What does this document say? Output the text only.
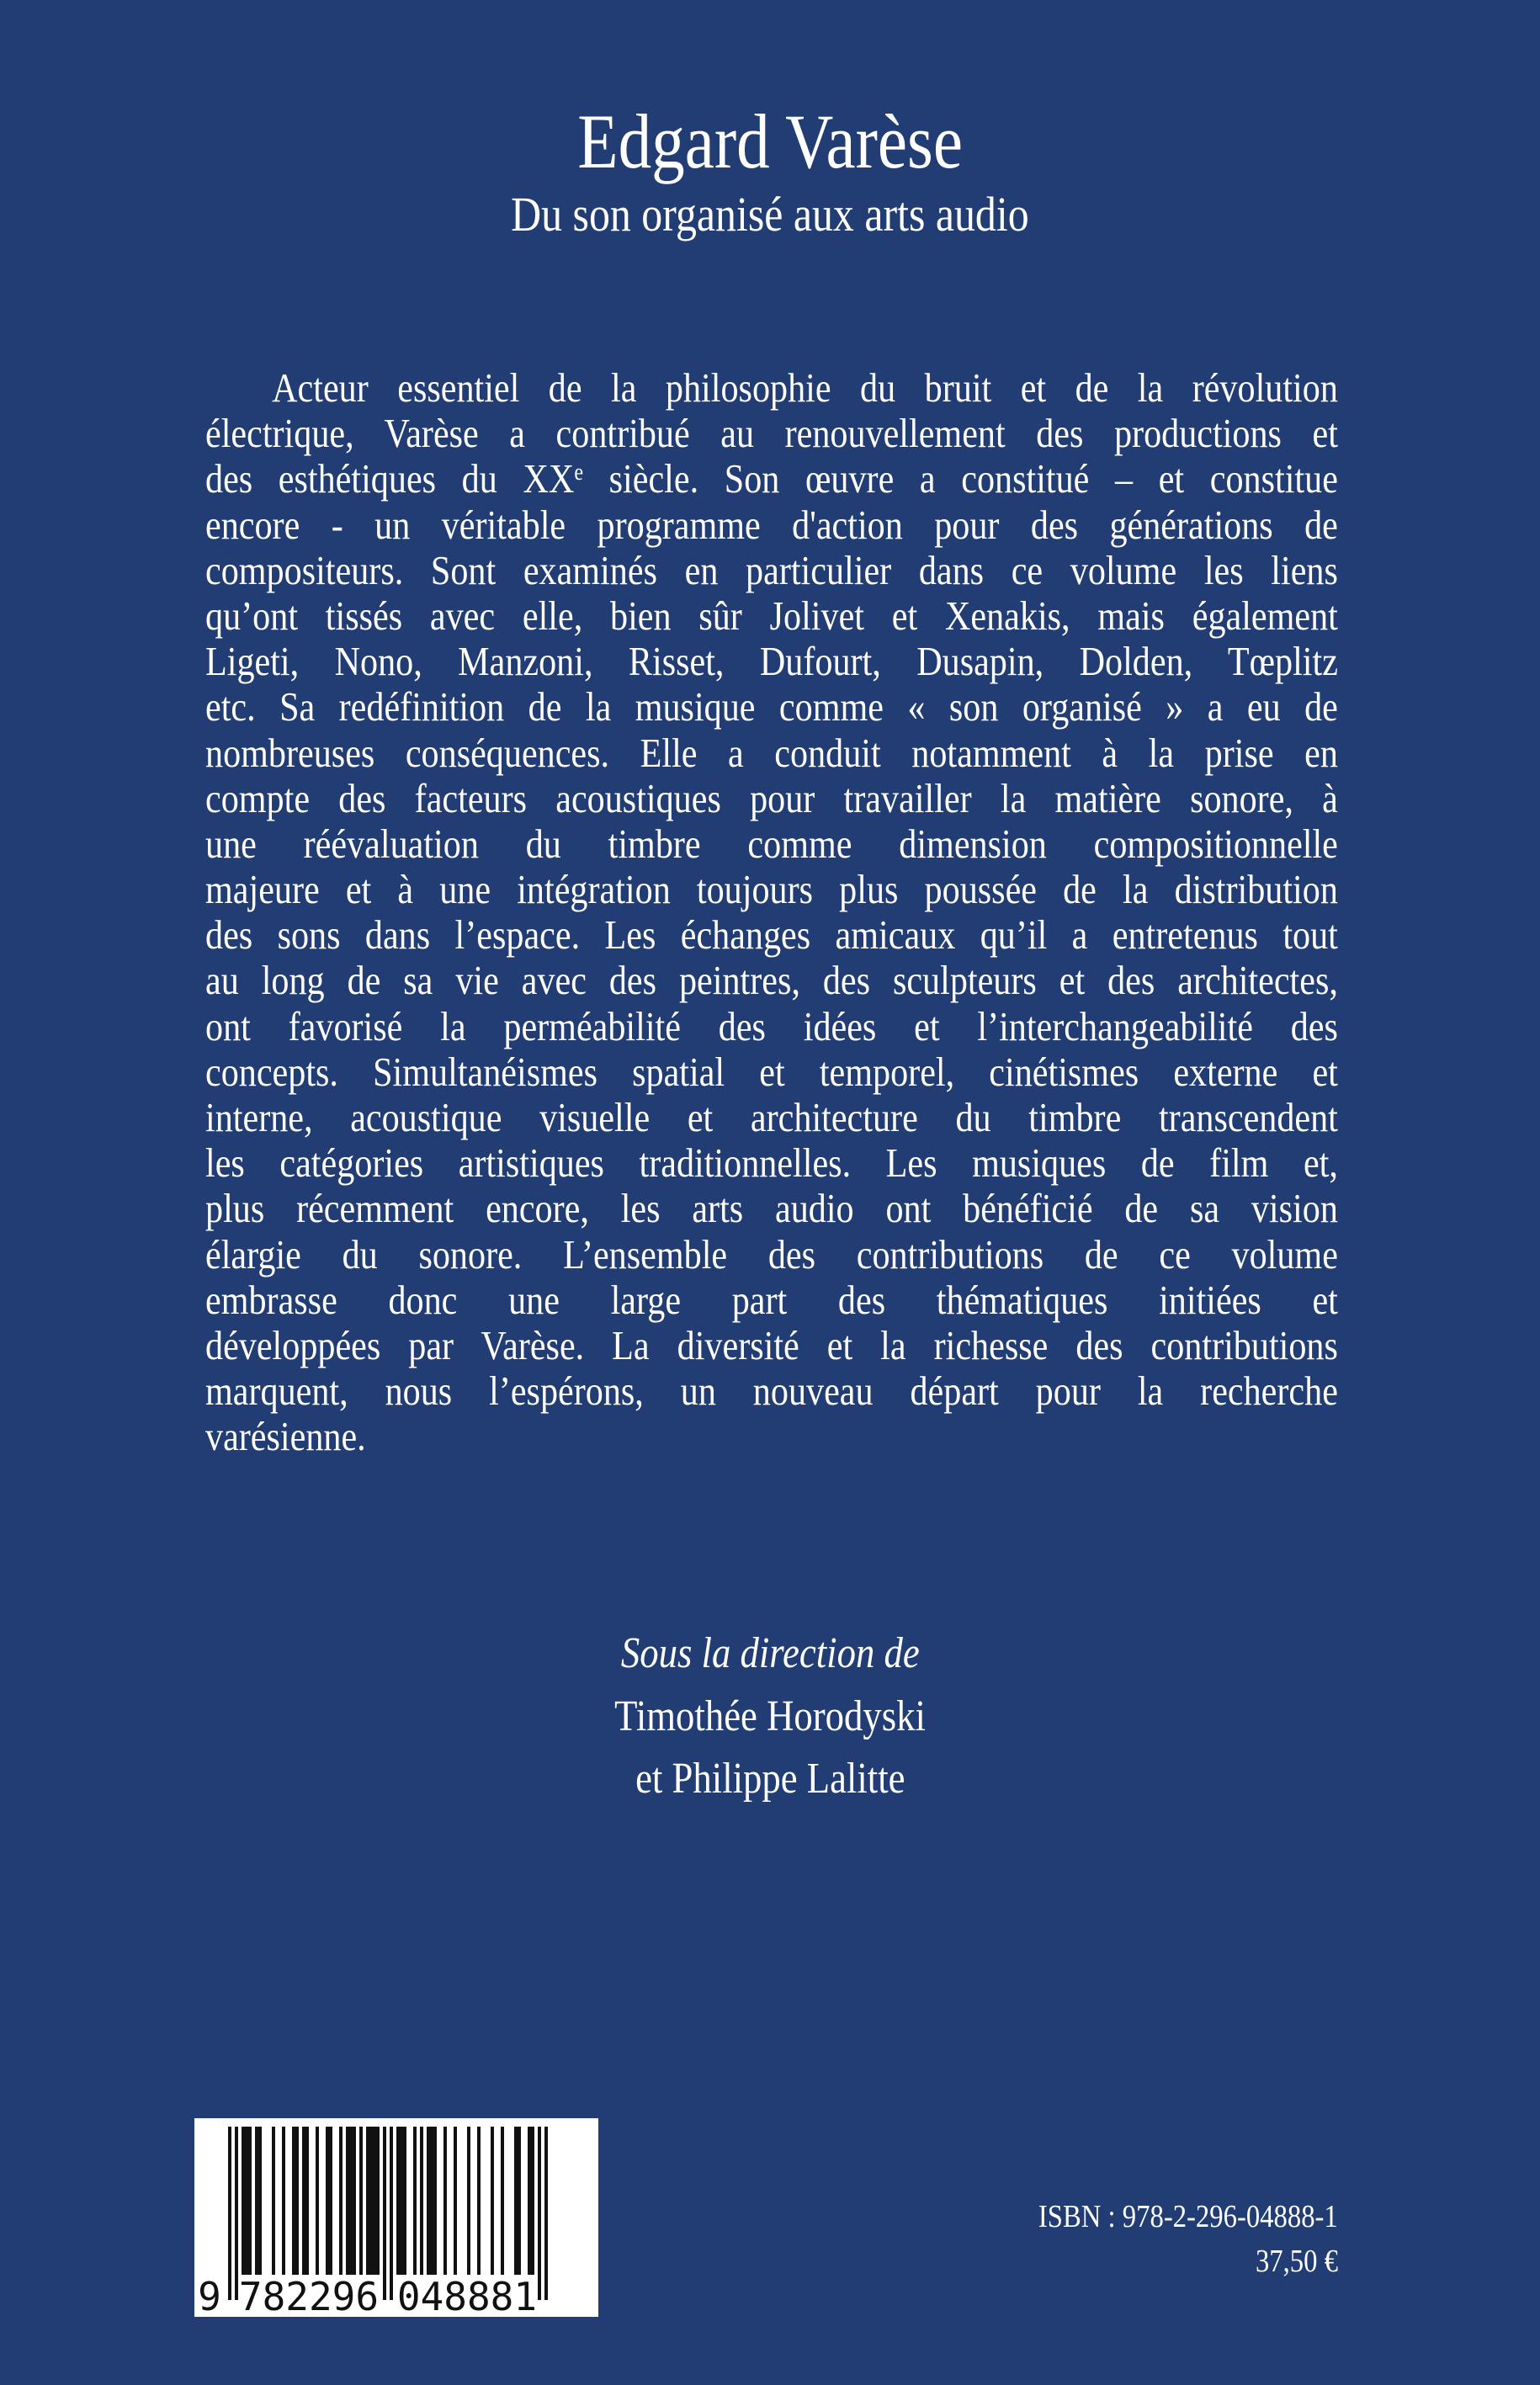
Edgard Varèse
Du son organisé aux arts audio
Acteur essentiel de la philosophie du bruit et de la révolution
électrique, Varèse a contribué au renouvellement des productions et
des esthétiques du XXe siècle. Son œuvre a constitué – et constitue
encore - un véritable programme d'action pour des générations de
compositeurs. Sont examinés en particulier dans ce volume les liens
qu’ont tissés avec elle, bien sûr Jolivet et Xenakis, mais également
Ligeti, Nono, Manzoni, Risset, Dufourt, Dusapin, Dolden, Tœplitz
etc. Sa redéfinition de la musique comme « son organisé » a eu de
nombreuses conséquences. Elle a conduit notamment à la prise en
compte des facteurs acoustiques pour travailler la matière sonore, à
une réévaluation du timbre comme dimension compositionnelle
majeure et à une intégration toujours plus poussée de la distribution
des sons dans l’espace. Les échanges amicaux qu’il a entretenus tout
au long de sa vie avec des peintres, des sculpteurs et des architectes,
ont favorisé la perméabilité des idées et l’interchangeabilité des
concepts. Simultanéismes spatial et temporel, cinétismes externe et
interne, acoustique visuelle et architecture du timbre transcendent
les catégories artistiques traditionnelles. Les musiques de film et,
plus récemment encore, les arts audio ont bénéficié de sa vision
élargie du sonore. L’ensemble des contributions de ce volume
embrasse donc une large part des thématiques initiées et
développées par Varèse. La diversité et la richesse des contributions
marquent, nous l’espérons, un nouveau départ pour la recherche
varésienne.
Sous la direction de
Timothée Horodyski
et Philippe Lalitte
9 782296 048881
ISBN : 978-2-296-04888-1
37,50 €
